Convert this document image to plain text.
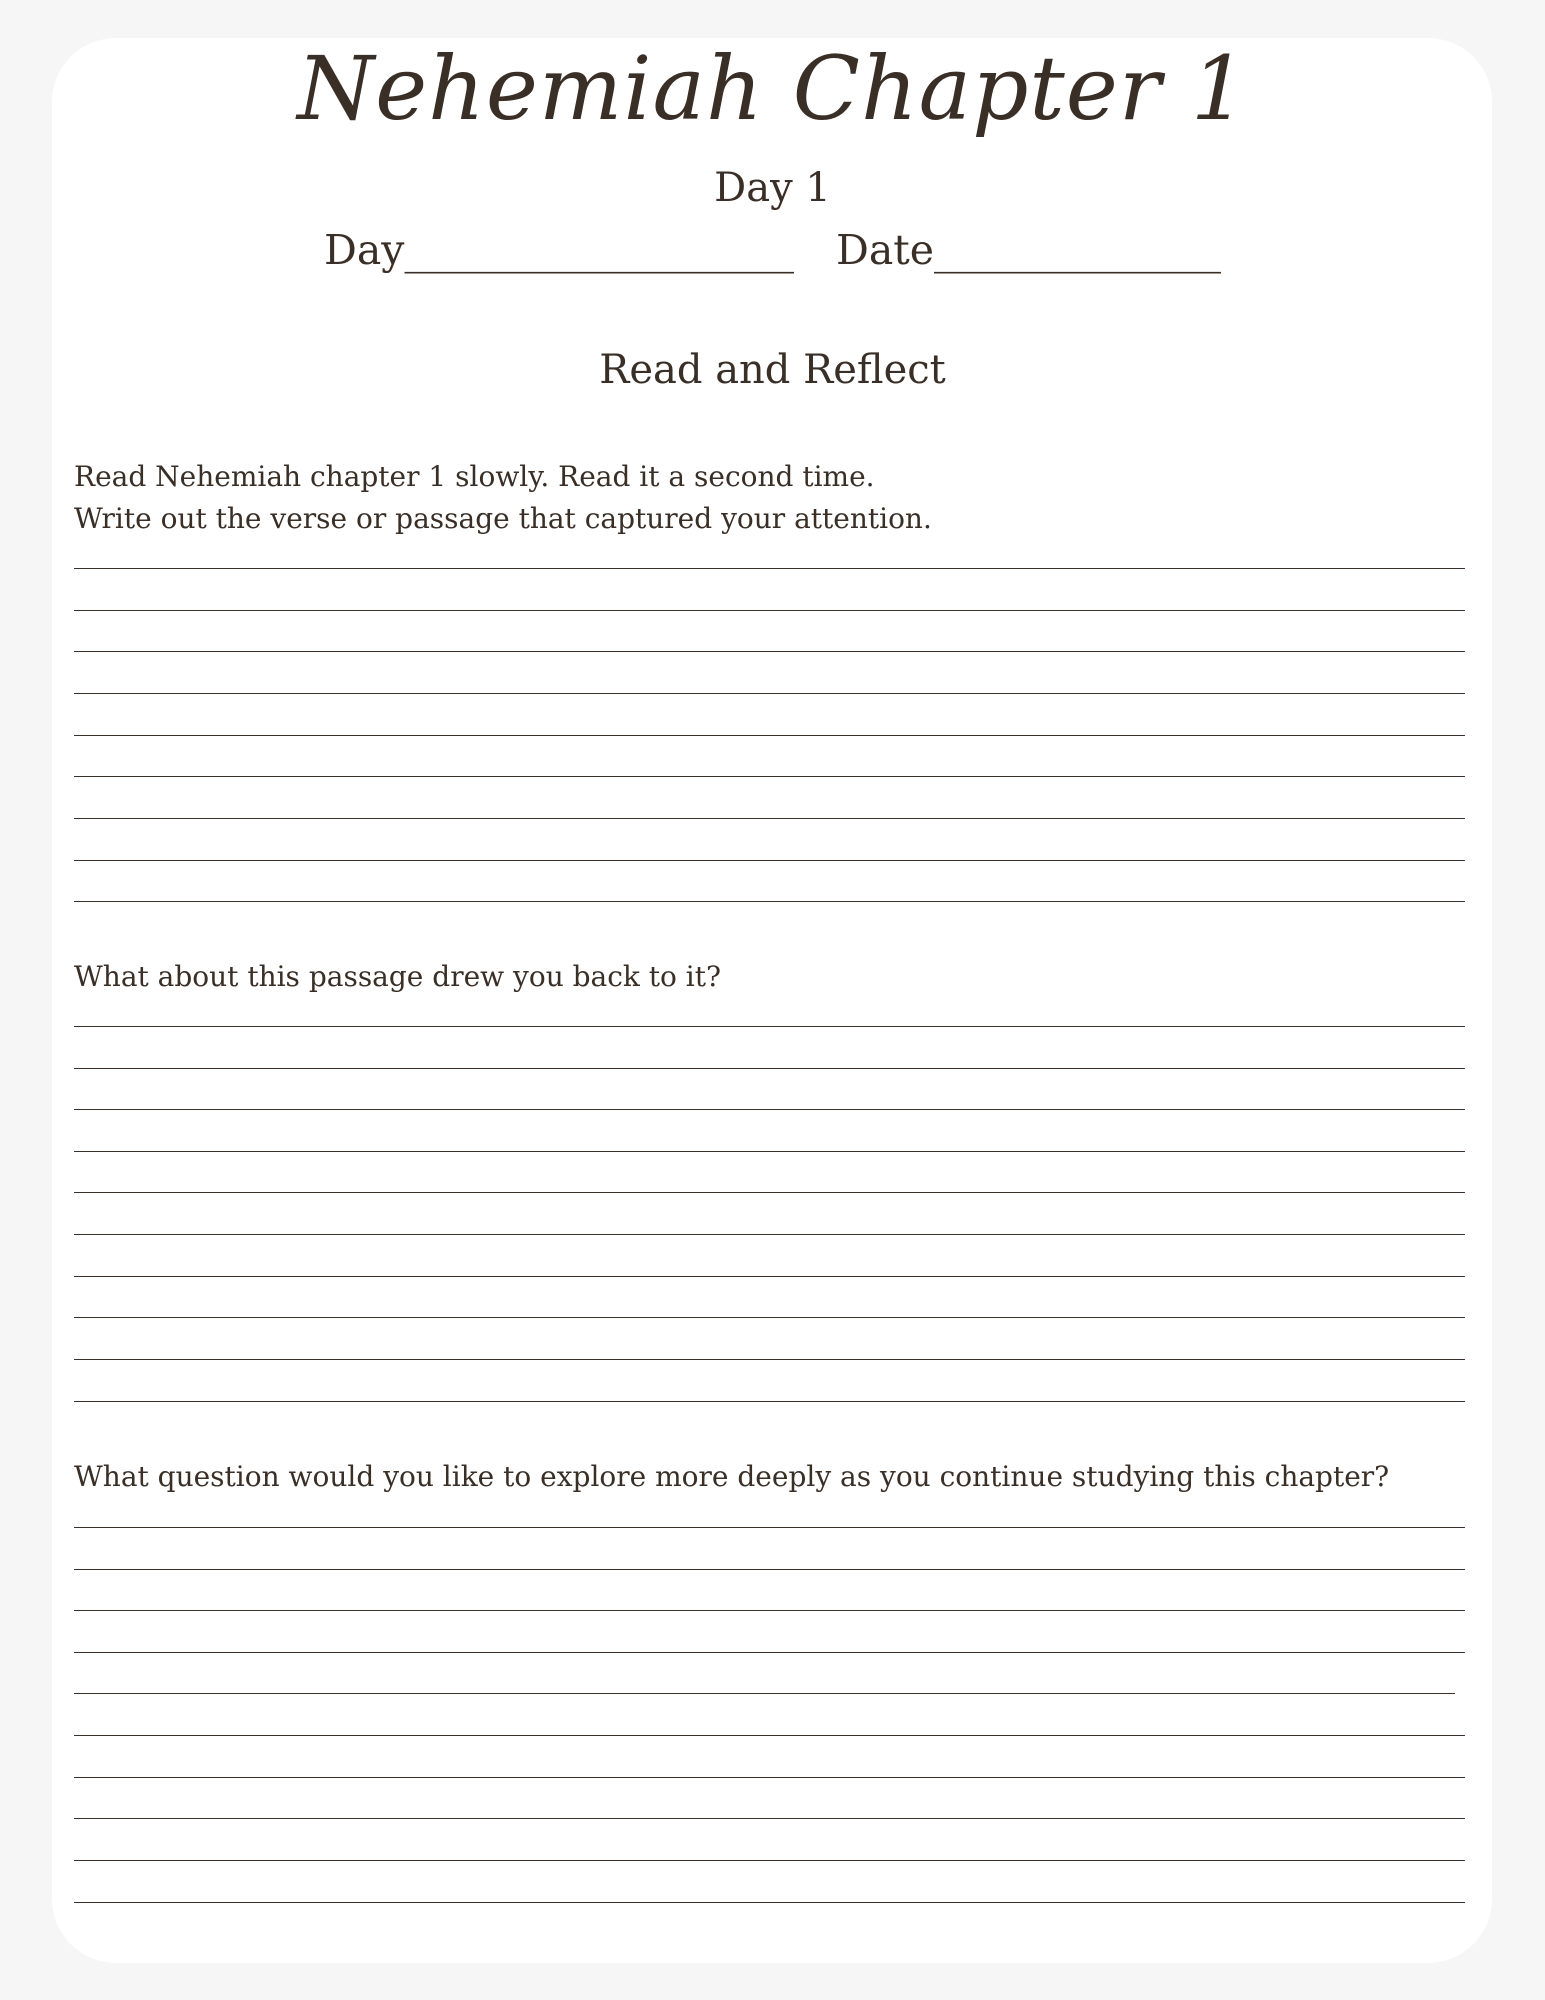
Nehemiah Chapter 1
Day 1
Day___________________ Date______________
Read and Reflect
Read Nehemiah chapter 1 slowly. Read it a second time.
Write out the verse or passage that captured your attention.
What about this passage drew you back to it?
What question would you like to explore more deeply as you continue studying this chapter?
